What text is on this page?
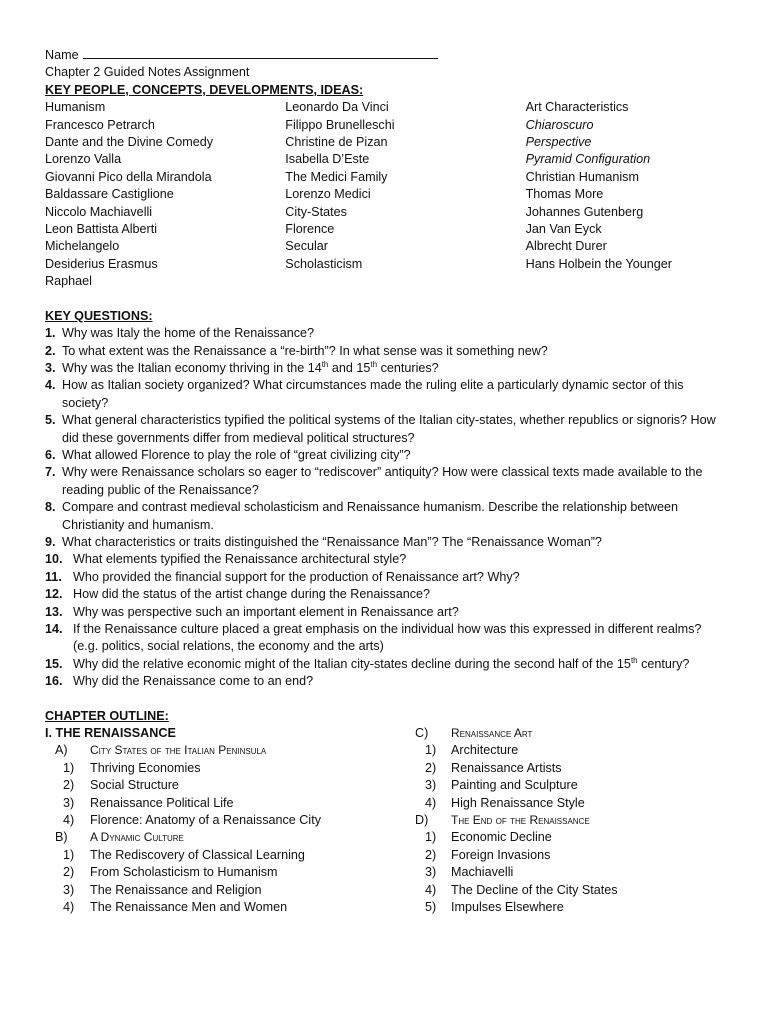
Name
Chapter 2 Guided Notes Assignment
KEY PEOPLE, CONCEPTS, DEVELOPMENTS, IDEAS:
Humanism
Francesco Petrarch
Dante and the Divine Comedy
Lorenzo Valla
Giovanni Pico della Mirandola
Baldassare Castiglione
Niccolo Machiavelli
Leon Battista Alberti
Michelangelo
Desiderius Erasmus
Raphael
Leonardo Da Vinci
Filippo Brunelleschi
Christine de Pizan
Isabella D’Este
The Medici Family
Lorenzo Medici
City-States
Florence
Secular
Scholasticism
Art Characteristics
Chiaroscuro
Perspective
Pyramid Configuration
Christian Humanism
Thomas More
Johannes Gutenberg
Jan Van Eyck
Albrecht Durer
Hans Holbein the Younger
KEY QUESTIONS:
1. Why was Italy the home of the Renaissance?
2. To what extent was the Renaissance a “re-birth”? In what sense was it something new?
3. Why was the Italian economy thriving in the 14th and 15th centuries?
4. How as Italian society organized? What circumstances made the ruling elite a particularly dynamic sector of this society?
5. What general characteristics typified the political systems of the Italian city-states, whether republics or signoris? How did these governments differ from medieval political structures?
6. What allowed Florence to play the role of “great civilizing city”?
7. Why were Renaissance scholars so eager to “rediscover” antiquity? How were classical texts made available to the reading public of the Renaissance?
8. Compare and contrast medieval scholasticism and Renaissance humanism. Describe the relationship between Christianity and humanism.
9. What characteristics or traits distinguished the “Renaissance Man”? The “Renaissance Woman”?
10. What elements typified the Renaissance architectural style?
11. Who provided the financial support for the production of Renaissance art? Why?
12. How did the status of the artist change during the Renaissance?
13. Why was perspective such an important element in Renaissance art?
14. If the Renaissance culture placed a great emphasis on the individual how was this expressed in different realms? (e.g. politics, social relations, the economy and the arts)
15. Why did the relative economic might of the Italian city-states decline during the second half of the 15th century?
16. Why did the Renaissance come to an end?
CHAPTER OUTLINE:
I. THE RENAISSANCE
A)	City States of the Italian Peninsula
1)	Thriving Economies
2)	Social Structure
3)	Renaissance Political Life
4)	Florence: Anatomy of a Renaissance City
B)	A Dynamic Culture
1)	The Rediscovery of Classical Learning
2)	From Scholasticism to Humanism
3)	The Renaissance and Religion
4)	The Renaissance Men and Women
C)	Renaissance Art
1)	Architecture
2)	Renaissance Artists
3)	Painting and Sculpture
4)	High Renaissance Style
D)	The End of the Renaissance
1)	Economic Decline
2)	Foreign Invasions
3)	Machiavelli
4)	The Decline of the City States
5)	Impulses Elsewhere
